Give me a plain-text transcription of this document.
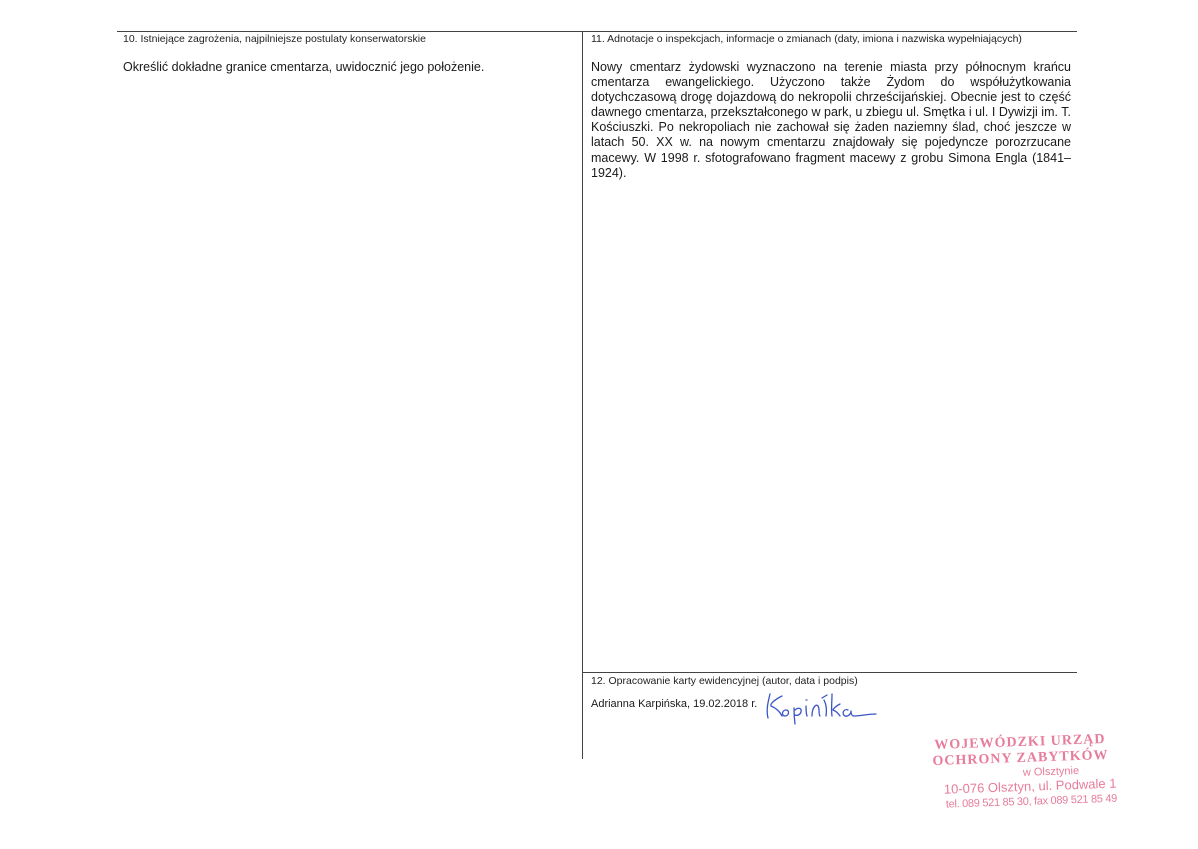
10. Istniejące zagrożenia, najpilniejsze postulaty konserwatorskie
Określić dokładne granice cmentarza, uwidocznić jego położenie.
11. Adnotacje o inspekcjach, informacje o zmianach (daty, imiona i nazwiska wypełniających)

Nowy cmentarz żydowski wyznaczono na terenie miasta przy północnym krańcu cmentarza ewangelickiego. Użyczono także Żydom do współużytkowania dotychczasową drogę dojazdową do nekropolii chrześcijańskiej. Obecnie jest to część dawnego cmentarza, przekształconego w park, u zbiegu ul. Smętka i ul. I Dywizji im. T. Kościuszki. Po nekropoliach nie zachował się żaden naziemny ślad, choć jeszcze w latach 50. XX w. na nowym cmentarzu znajdowały się pojedyncze porozrzucane macewy. W 1998 r. sfotografowano fragment macewy z grobu Simona Engla (1841–1924).

12. Opracowanie karty ewidencyjnej (autor, data i podpis)
Adrianna Karpińska, 19.02.2018 r.
WOJEWÓDZKI URZĄD
OCHRONY ZABYTKÓW
w Olsztynie
10-076 Olsztyn, ul. Podwale 1
tel. 089 521 85 30, fax 089 521 85 49
